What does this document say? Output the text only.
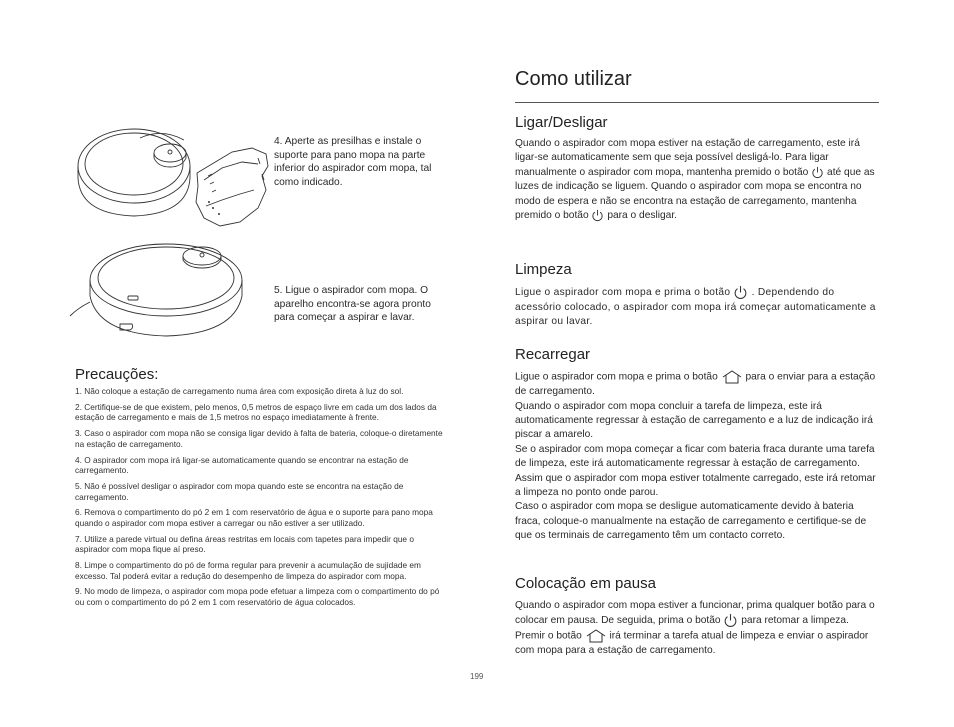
4. Aperte as presilhas e instale o suporte para pano mopa na parte inferior do aspirador com mopa, tal como indicado.
5. Ligue o aspirador com mopa. O aparelho encontra-se agora pronto para começar a aspirar e lavar.
Precauções:
1. Não coloque a estação de carregamento numa área com exposição direta à luz do sol.
2. Certifique-se de que existem, pelo menos, 0,5 metros de espaço livre em cada um dos lados da estação de carregamento e mais de 1,5 metros no espaço imediatamente à frente.
3. Caso o aspirador com mopa não se consiga ligar devido à falta de bateria, coloque-o diretamente na estação de carregamento.
4. O aspirador com mopa irá ligar-se automaticamente quando se encontrar na estação de carregamento.
5. Não é possível desligar o aspirador com mopa quando este se encontra na estação de carregamento.
6. Remova o compartimento do pó 2 em 1 com reservatório de água e o suporte para pano mopa quando o aspirador com mopa estiver a carregar ou não estiver a ser utilizado.
7. Utilize a parede virtual ou defina áreas restritas em locais com tapetes para impedir que o aspirador com mopa fique aí preso.
8. Limpe o compartimento do pó de forma regular para prevenir a acumulação de sujidade em excesso. Tal poderá evitar a redução do desempenho de limpeza do aspirador com mopa.
9. No modo de limpeza, o aspirador com mopa pode efetuar a limpeza com o compartimento do pó ou com o compartimento do pó 2 em 1 com reservatório de água colocados.
Como utilizar
Ligar/Desligar
Quando o aspirador com mopa estiver na estação de carregamento, este irá ligar-se automaticamente sem que seja possível desligá-lo. Para ligar manualmente o aspirador com mopa, mantenha premido o botão até que as luzes de indicação se liguem. Quando o aspirador com mopa se encontra no modo de espera e não se encontra na estação de carregamento, mantenha premido o botão para o desligar.
Limpeza
Ligue o aspirador com mopa e prima o botão . Dependendo do acessório colocado, o aspirador com mopa irá começar automaticamente a aspirar ou lavar.
Recarregar
Ligue o aspirador com mopa e prima o botão	para o enviar para a estação de carregamento.
Quando o aspirador com mopa concluir a tarefa de limpeza, este irá automaticamente regressar à estação de carregamento e a luz de indicação irá piscar a amarelo.
Se o aspirador com mopa começar a ficar com bateria fraca durante uma tarefa de limpeza, este irá automaticamente regressar à estação de carregamento. Assim que o aspirador com mopa estiver totalmente carregado, este irá retomar a limpeza no ponto onde parou.
Caso o aspirador com mopa se desligue automaticamente devido à bateria fraca, coloque-o manualmente na estação de carregamento e certifique-se de que os terminais de carregamento têm um contacto correto.
Colocação em pausa
Quando o aspirador com mopa estiver a funcionar, prima qualquer botão para o colocar em pausa. De seguida, prima o botão para retomar a limpeza. Premir o botão	irá terminar a tarefa atual de limpeza e enviar o aspirador com mopa para a estação de carregamento.
199
